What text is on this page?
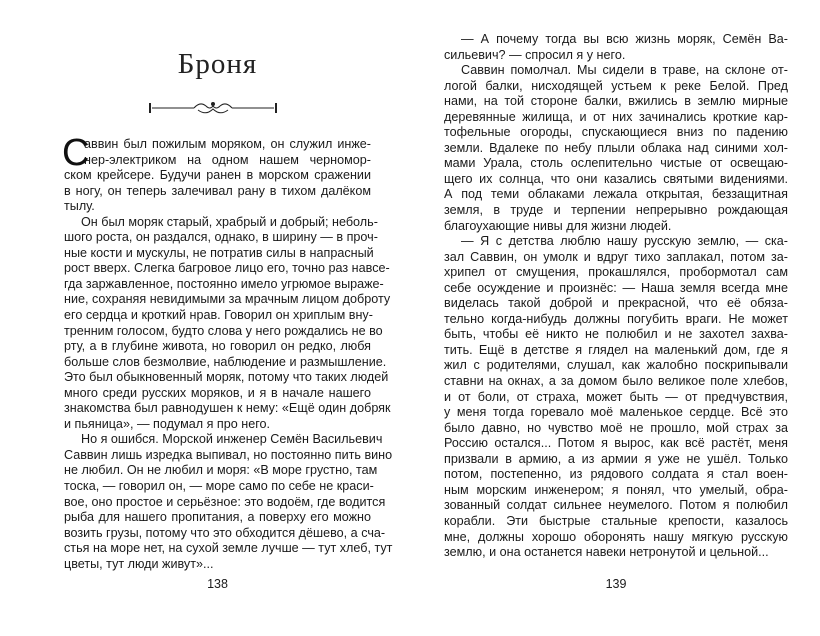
Броня
С
аввин был пожилым моряком, он служил инже-
нер-электриком на одном нашем черномор-
ском крейсере. Будучи ранен в морском сражении
в ногу, он теперь залечивал рану в тихом далёком
тылу.
Он был моряк старый, храбрый и добрый; неболь-
шого роста, он раздался, однако, в ширину — в проч-
ные кости и мускулы, не потратив силы в напрасный
рост вверх. Слегка багровое лицо его, точно раз навсе-
гда заржавленное, постоянно имело угрюмое выраже-
ние, сохраняя невидимыми за мрачным лицом доброту
его сердца и кроткий нрав. Говорил он хриплым вну-
тренним голосом, будто слова у него рождались не во
рту, а в глубине живота, но говорил он редко, любя
больше слов безмолвие, наблюдение и размышление.
Это был обыкновенный моряк, потому что таких людей
много среди русских моряков, и я в начале нашего
знакомства был равнодушен к нему: «Ещё один добряк
и пьяница», — подумал я про него.
Но я ошибся. Морской инженер Семён Васильевич
Саввин лишь изредка выпивал, но постоянно пить вино
не любил. Он не любил и моря: «В море грустно, там
тоска, — говорил он, — море само по себе не краси-
вое, оно простое и серьёзное: это водоём, где водится
рыба для нашего пропитания, а поверху его можно
возить грузы, потому что это обходится дёшево, а сча-
стья на море нет, на сухой земле лучше — тут хлеб, тут
цветы, тут люди живут»...
138
— А почему тогда вы всю жизнь моряк, Семён Ва-
сильевич? — спросил я у него.
Саввин помолчал. Мы сидели в траве, на склоне от-
логой балки, нисходящей устьем к реке Белой. Пред
нами, на той стороне балки, вжились в землю мирные
деревянные жилища, и от них зачинались кроткие кар-
тофельные огороды, спускающиеся вниз по падению
земли. Вдалеке по небу плыли облака над синими хол-
мами Урала, столь ослепительно чистые от освещаю-
щего их солнца, что они казались святыми видениями.
А под теми облаками лежала открытая, беззащитная
земля, в труде и терпении непрерывно рождающая
благоухающие нивы для жизни людей.
— Я с детства люблю нашу русскую землю, — ска-
зал Саввин, он умолк и вдруг тихо заплакал, потом за-
хрипел от смущения, прокашлялся, пробормотал сам
себе осуждение и произнёс: — Наша земля всегда мне
виделась такой доброй и прекрасной, что её обяза-
тельно когда-нибудь должны погубить враги. Не может
быть, чтобы её никто не полюбил и не захотел захва-
тить. Ещё в детстве я глядел на маленький дом, где я
жил с родителями, слушал, как жалобно поскрипывали
ставни на окнах, а за домом было великое поле хлебов,
и от боли, от страха, может быть — от предчувствия,
у меня тогда горевало моё маленькое сердце. Всё это
было давно, но чувство моё не прошло, мой страх за
Россию остался... Потом я вырос, как всё растёт, меня
призвали в армию, а из армии я уже не ушёл. Только
потом, постепенно, из рядового солдата я стал воен-
ным морским инженером; я понял, что умелый, обра-
зованный солдат сильнее неумелого. Потом я полюбил
корабли. Эти быстрые стальные крепости, казалось
мне, должны хорошо оборонять нашу мягкую русскую
землю, и она останется навеки нетронутой и цельной...
139
